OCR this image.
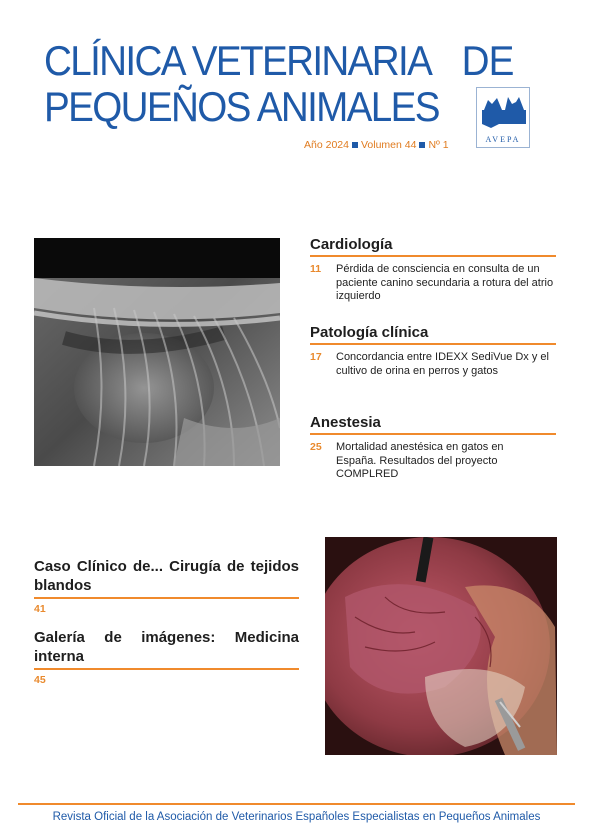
CLÍNICA VETERINARIA DE
PEQUEÑOS ANIMALES
AVEPA
Año 2024 Volumen 44 Nº 1
Cardiología
11	Pérdida de consciencia en consulta de un paciente canino secundaria a rotura del atrio izquierdo
Patología clínica
17	Concordancia entre IDEXX SediVue Dx y el cultivo de orina en perros y gatos
Anestesia
25	Mortalidad anestésica en gatos en España. Resultados del proyecto COMPLRED
Caso Clínico de... Cirugía de tejidos blandos
41
Galería de imágenes: Medicina interna
45
Revista Oficial de la Asociación de Veterinarios Españoles Especialistas en Pequeños Animales
